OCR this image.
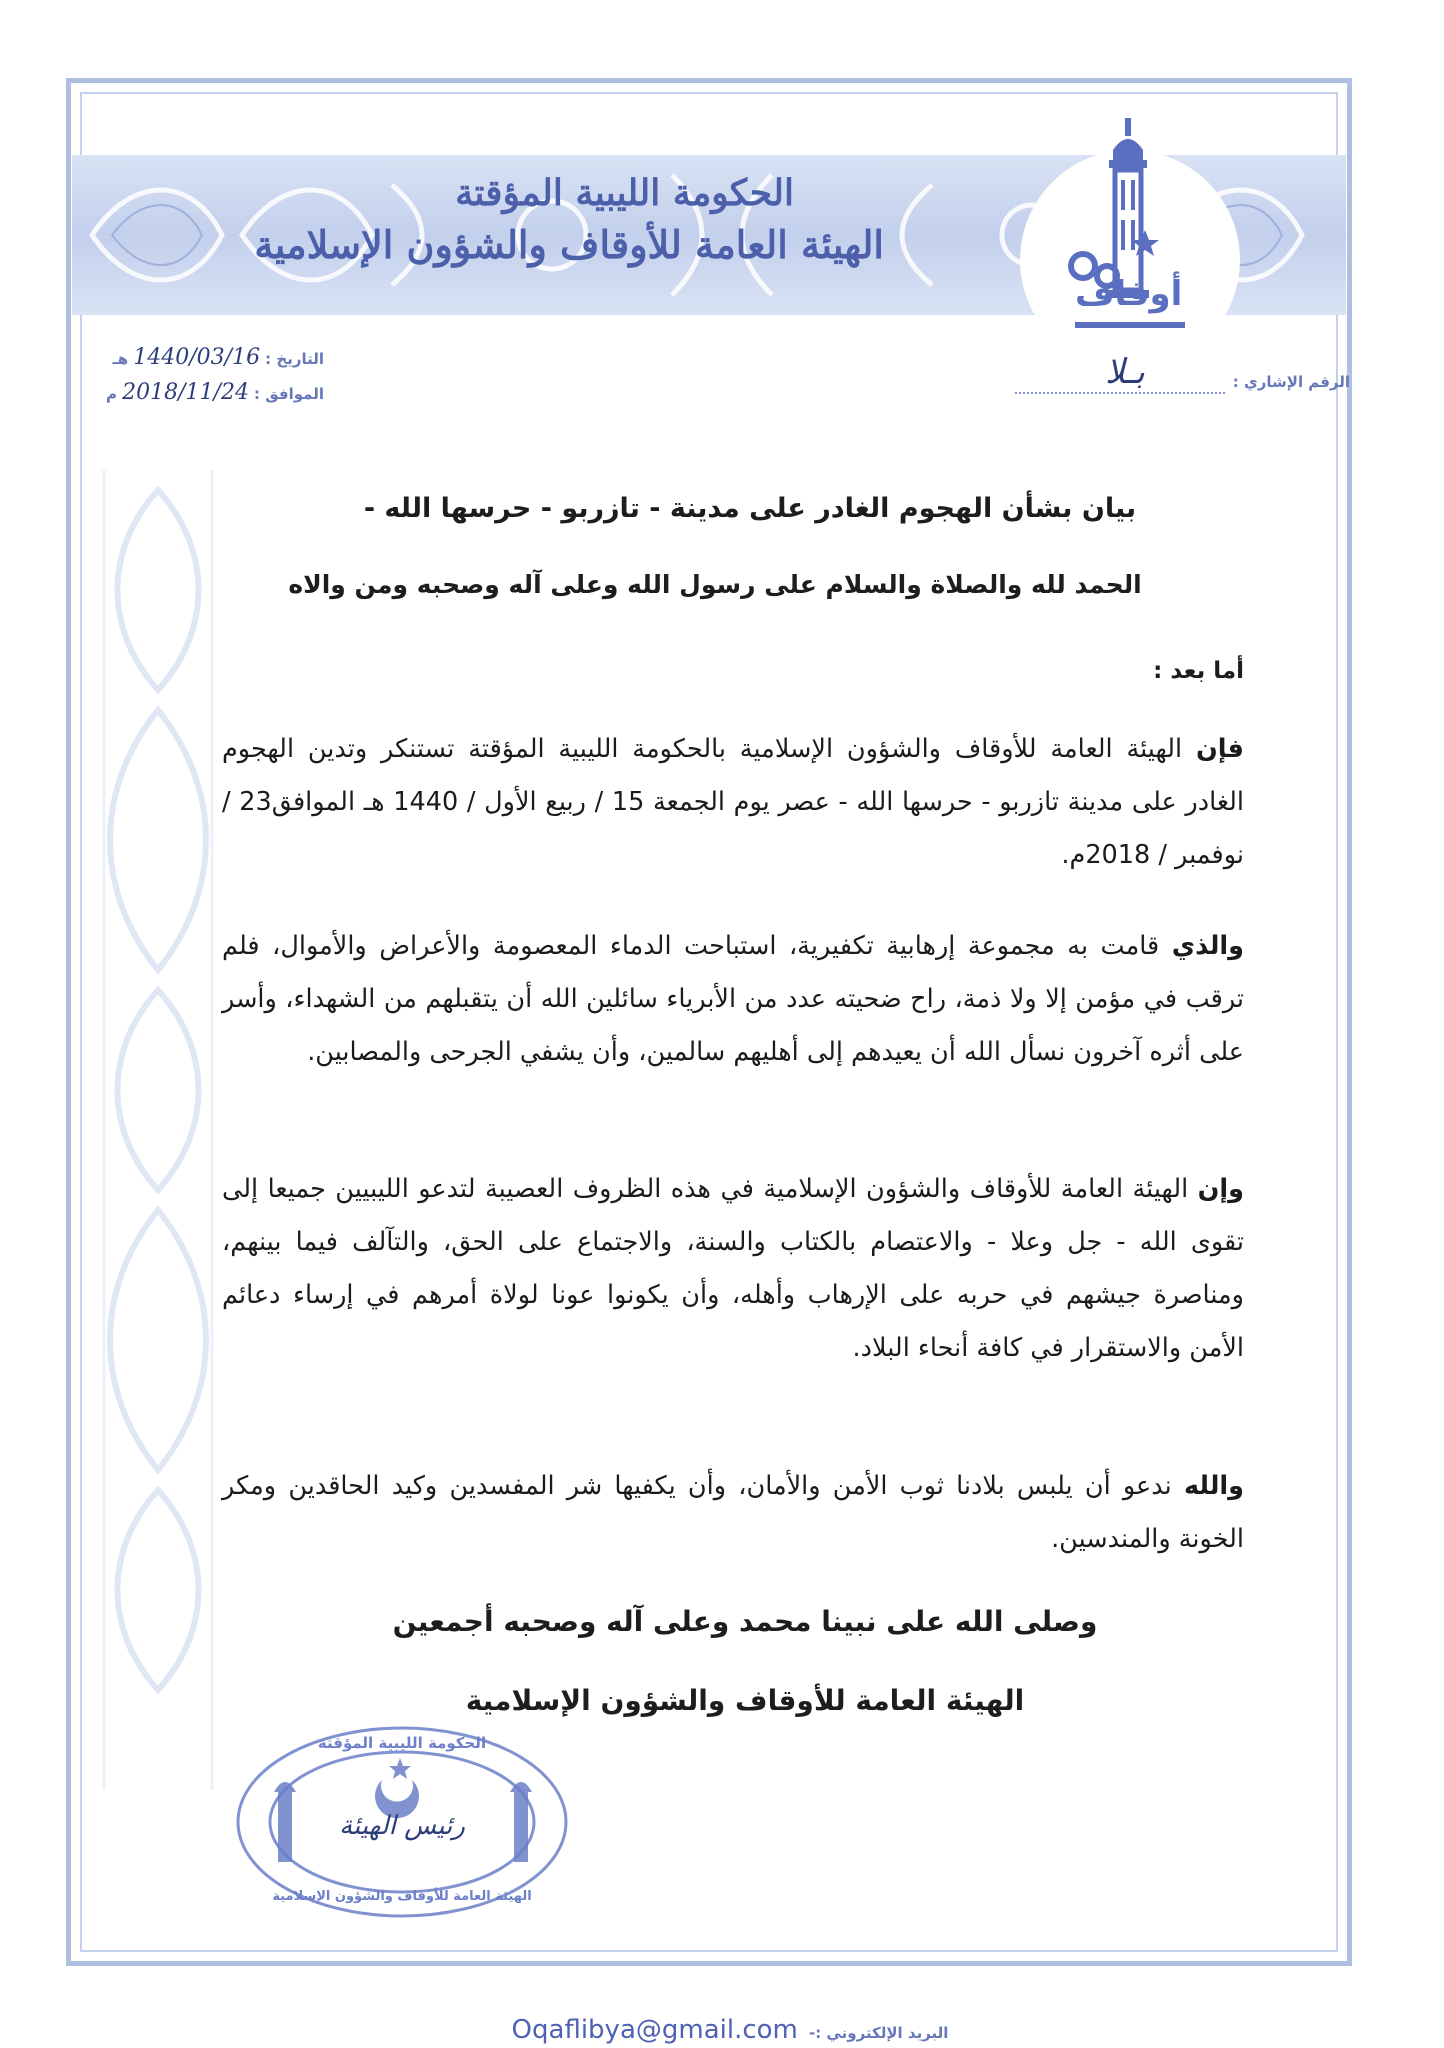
أوقاف
الحكومة الليبية المؤقتة
الهيئة العامة للأوقاف والشؤون الإسلامية
التاريخ : 1440/03/16 هـ
الموافق : 2018/11/24 م
الرقم الإشاري :
بـلا
بيان بشأن الهجوم الغادر على مدينة - تازربو - حرسها الله -
الحمد لله والصلاة والسلام على رسول الله وعلى آله وصحبه ومن والاه
أما بعد :

فإن الهيئة العامة للأوقاف والشؤون الإسلامية بالحكومة الليبية المؤقتة تستنكر وتدين الهجوم الغادر على مدينة تازربو - حرسها الله - عصر يوم الجمعة 15 / ربيع الأول / 1440 هـ الموافق23 / نوفمبر / 2018م.

والذي قامت به مجموعة إرهابية تكفيرية، استباحت الدماء المعصومة والأعراض والأموال، فلم ترقب في مؤمن إلا ولا ذمة، راح ضحيته عدد من الأبرياء سائلين الله أن يتقبلهم من الشهداء، وأسر على أثره آخرون نسأل الله أن يعيدهم إلى أهليهم سالمين، وأن يشفي الجرحى والمصابين.

وإن الهيئة العامة للأوقاف والشؤون الإسلامية في هذه الظروف العصيبة لتدعو الليبيين جميعا إلى تقوى الله - جل وعلا - والاعتصام بالكتاب والسنة، والاجتماع على الحق، والتآلف فيما بينهم، ومناصرة جيشهم في حربه على الإرهاب وأهله، وأن يكونوا عونا لولاة أمرهم في إرساء دعائم الأمن والاستقرار في كافة أنحاء البلاد.

والله ندعو أن يلبس بلادنا ثوب الأمن والأمان، وأن يكفيها شر المفسدين وكيد الحاقدين ومكر الخونة والمندسين.

وصلى الله على نبينا محمد وعلى آله وصحبه أجمعين
الهيئة العامة للأوقاف والشؤون الإسلامية
الحكومة الليبية المؤقتة
رئيس الهيئة
الهيئة العامة للأوقاف والشؤون الإسلامية
البريد الإلكتروني :- Oqaflibya@gmail.com
